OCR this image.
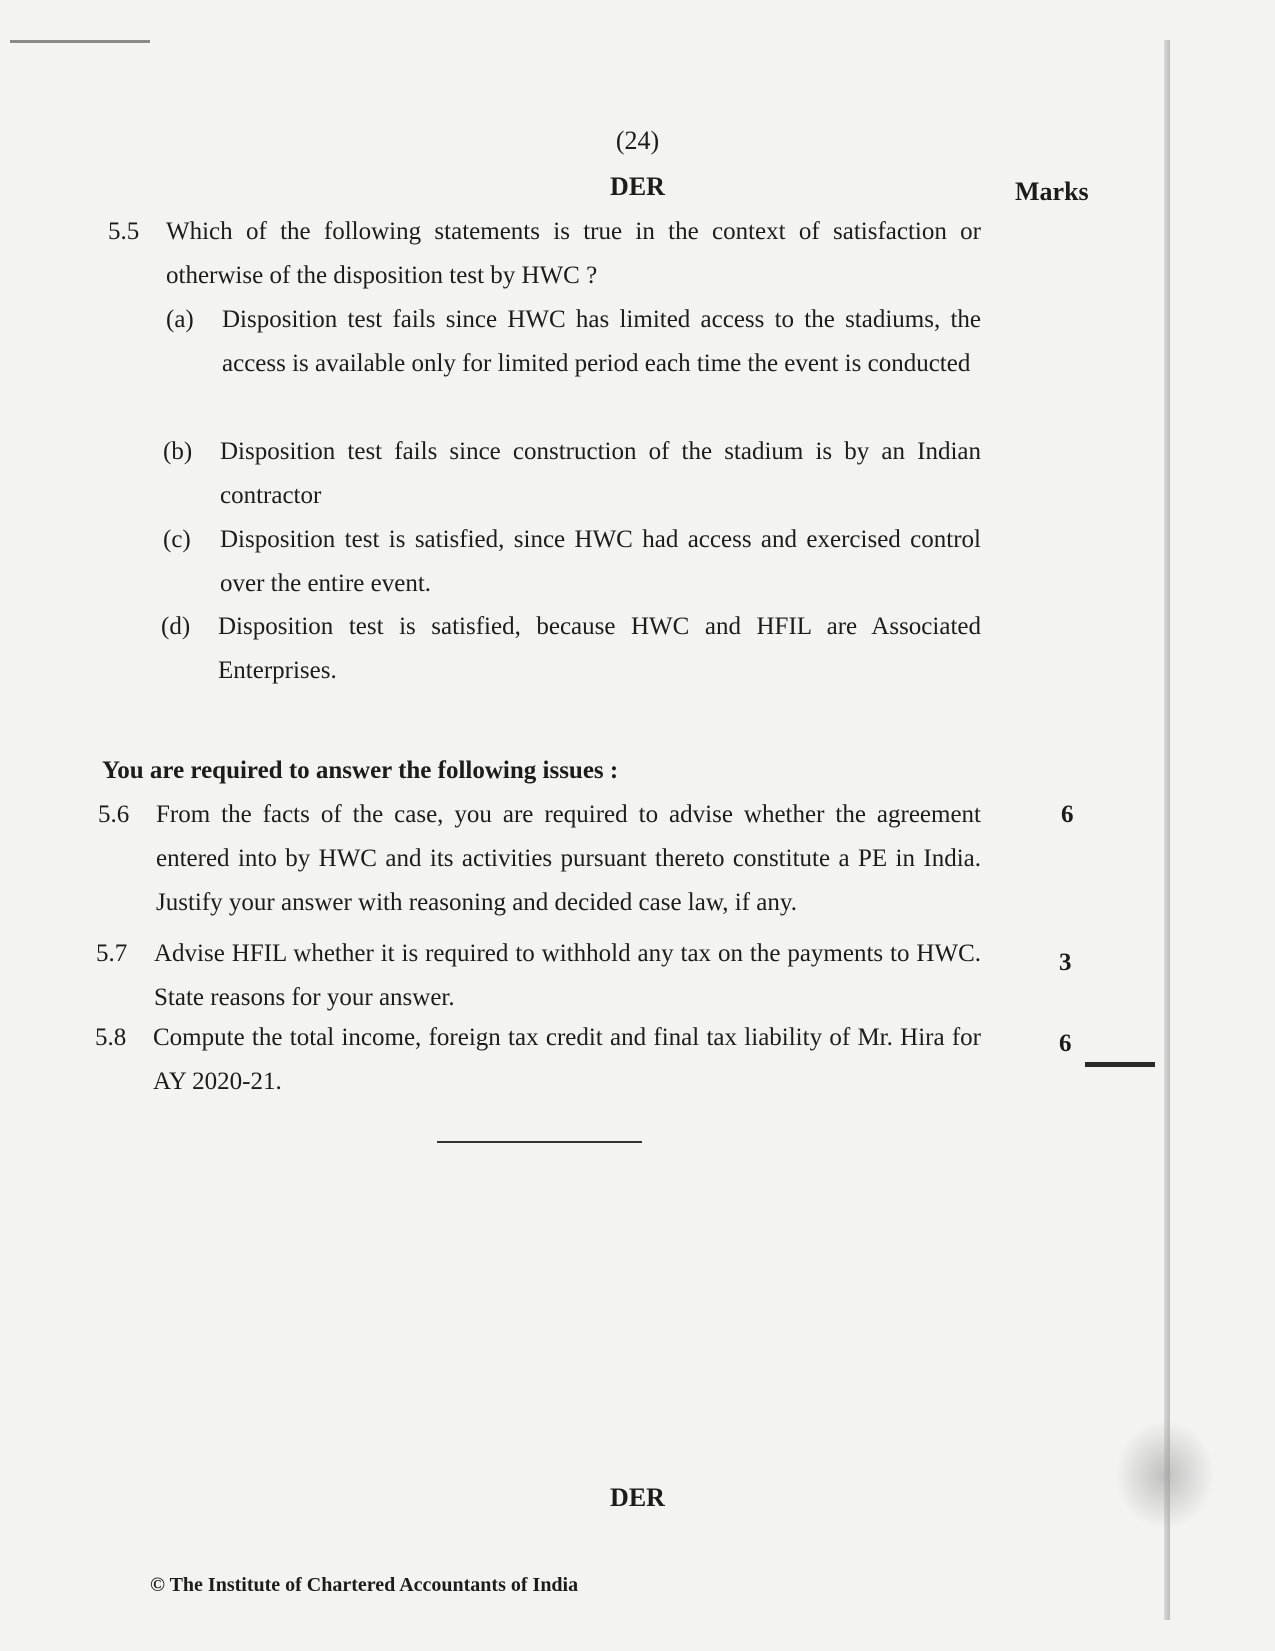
(24)
DER	Marks
5.5 Which of the following statements is true in the context of satisfaction or otherwise of the disposition test by HWC ?
(a) Disposition test fails since HWC has limited access to the stadiums, the access is available only for limited period each time the event is conducted
(b) Disposition test fails since construction of the stadium is by an Indian contractor
(c) Disposition test is satisfied, since HWC had access and exercised control over the entire event.
(d) Disposition test is satisfied, because HWC and HFIL are Associated Enterprises.
You are required to answer the following issues :
5.6 From the facts of the case, you are required to advise whether the agreement entered into by HWC and its activities pursuant thereto constitute a PE in India. Justify your answer with reasoning and decided case law, if any.
6
5.7 Advise HFIL whether it is required to withhold any tax on the payments to HWC. State reasons for your answer.
3
5.8 Compute the total income, foreign tax credit and final tax liability of Mr. Hira for AY 2020-21.
6
DER
© The Institute of Chartered Accountants of India
